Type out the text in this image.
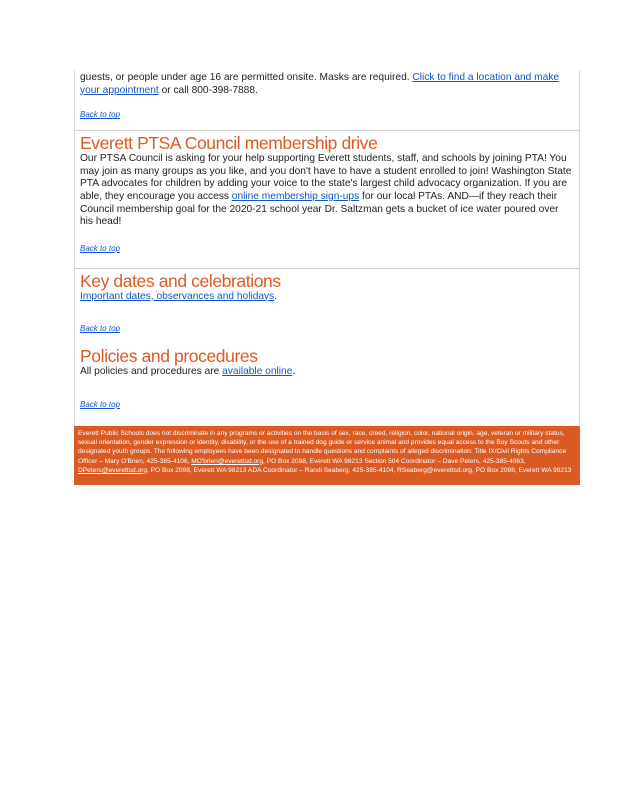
guests, or people under age 16 are permitted onsite. Masks are required. Click to find a location and make your appointment or call 800-398-7888.

Back to top
Everett PTSA Council membership drive

Our PTSA Council is asking for your help supporting Everett students, staff, and schools by joining PTA! You may join as many groups as you like, and you don't have to have a student enrolled to join! Washington State PTA advocates for children by adding your voice to the state's largest child advocacy organization. If you are able, they encourage you access online membership sign-ups for our local PTAs. AND—if they reach their Council membership goal for the 2020-21 school year Dr. Saltzman gets a bucket of ice water poured over his head!

Back to top
Key dates and celebrations

Important dates, observances and holidays.

Back to top
Policies and procedures

All policies and procedures are available online.

Back to top
Everett Public Schools does not discriminate in any programs or activities on the basis of sex, race, creed, religion, color, national origin, age, veteran or military status, sexual orientation, gender expression or identity, disability, or the use of a trained dog guide or service animal and provides equal access to the Boy Scouts and other designated youth groups. The following employees have been designated to handle questions and complaints of alleged discrimination: Title IX/Civil Rights Compliance Officer – Mary O'Brien, 425-385-4106, MO'brien@everettsd.org, PO Box 2098, Everett WA 98213 Section 504 Coordinator – Dave Peters, 425-385-4063, DPeters@everettsd.org, PO Box 2098, Everett WA 98213 ADA Coordinator – Randi Seaberg, 425-385-4104, RSeaberg@everettsd.org, PO Box 2098, Everett WA 98213
